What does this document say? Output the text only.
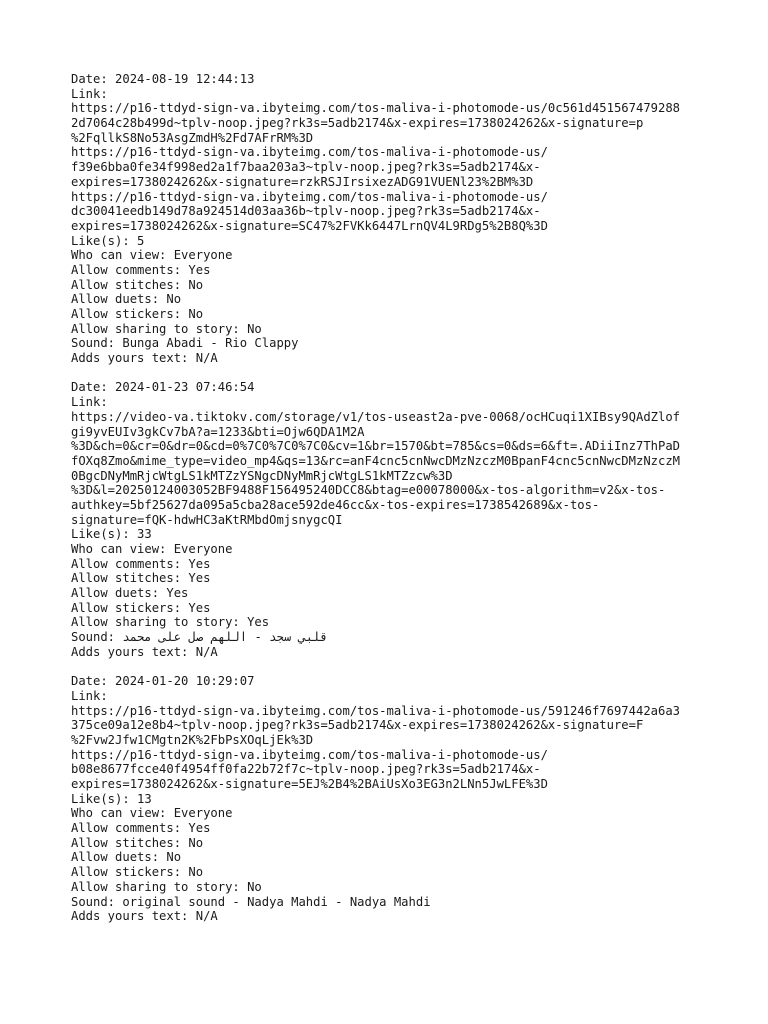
Date: 2024-08-19 12:44:13
Link:
https://p16-ttdyd-sign-va.ibyteimg.com/tos-maliva-i-photomode-us/0c561d451567479288
2d7064c28b499d~tplv-noop.jpeg?rk3s=5adb2174&x-expires=1738024262&x-signature=p
%2FqllkS8No53AsgZmdH%2Fd7AFrRM%3D
https://p16-ttdyd-sign-va.ibyteimg.com/tos-maliva-i-photomode-us/
f39e6bba0fe34f998ed2a1f7baa203a3~tplv-noop.jpeg?rk3s=5adb2174&x-
expires=1738024262&x-signature=rzkRSJIrsixezADG91VUENl23%2BM%3D
https://p16-ttdyd-sign-va.ibyteimg.com/tos-maliva-i-photomode-us/
dc30041eedb149d78a924514d03aa36b~tplv-noop.jpeg?rk3s=5adb2174&x-
expires=1738024262&x-signature=SC47%2FVKk6447LrnQV4L9RDg5%2B8Q%3D
Like(s): 5
Who can view: Everyone
Allow comments: Yes
Allow stitches: No
Allow duets: No
Allow stickers: No
Allow sharing to story: No
Sound: Bunga Abadi - Rio Clappy
Adds yours text: N/A
Date: 2024-01-23 07:46:54
Link:
https://video-va.tiktokv.com/storage/v1/tos-useast2a-pve-0068/ocHCuqi1XIBsy9QAdZlof
gi9yvEUIv3gkCv7bA?a=1233&bti=Ojw6QDA1M2A
%3D&ch=0&cr=0&dr=0&cd=0%7C0%7C0%7C0&cv=1&br=1570&bt=785&cs=0&ds=6&ft=.ADiiInz7ThPaD
fOXq8Zmo&mime_type=video_mp4&qs=13&rc=anF4cnc5cnNwcDMzNzczM0BpanF4cnc5cnNwcDMzNzczM
0BgcDNyMmRjcWtgLS1kMTZzYSNgcDNyMmRjcWtgLS1kMTZzcw%3D
%3D&l=20250124003052BF9488F156495240DCC8&btag=e00078000&x-tos-algorithm=v2&x-tos-
authkey=5bf25627da095a5cba28ace592de46cc&x-tos-expires=1738542689&x-tos-
signature=fQK-hdwHC3aKtRMbdOmjsnygcQI
Like(s): 33
Who can view: Everyone
Allow comments: Yes
Allow stitches: Yes
Allow duets: Yes
Allow stickers: Yes
Allow sharing to story: Yes
Sound: قلبي سجد - اللهم صل على محمد
Adds yours text: N/A
Date: 2024-01-20 10:29:07
Link:
https://p16-ttdyd-sign-va.ibyteimg.com/tos-maliva-i-photomode-us/591246f7697442a6a3
375ce09a12e8b4~tplv-noop.jpeg?rk3s=5adb2174&x-expires=1738024262&x-signature=F
%2Fvw2Jfw1CMgtn2K%2FbPsXOqLjEk%3D
https://p16-ttdyd-sign-va.ibyteimg.com/tos-maliva-i-photomode-us/
b08e8677fcce40f4954ff0fa22b72f7c~tplv-noop.jpeg?rk3s=5adb2174&x-
expires=1738024262&x-signature=5EJ%2B4%2BAiUsXo3EG3n2LNn5JwLFE%3D
Like(s): 13
Who can view: Everyone
Allow comments: Yes
Allow stitches: No
Allow duets: No
Allow stickers: No
Allow sharing to story: No
Sound: original sound - Nadya Mahdi - Nadya Mahdi
Adds yours text: N/A
